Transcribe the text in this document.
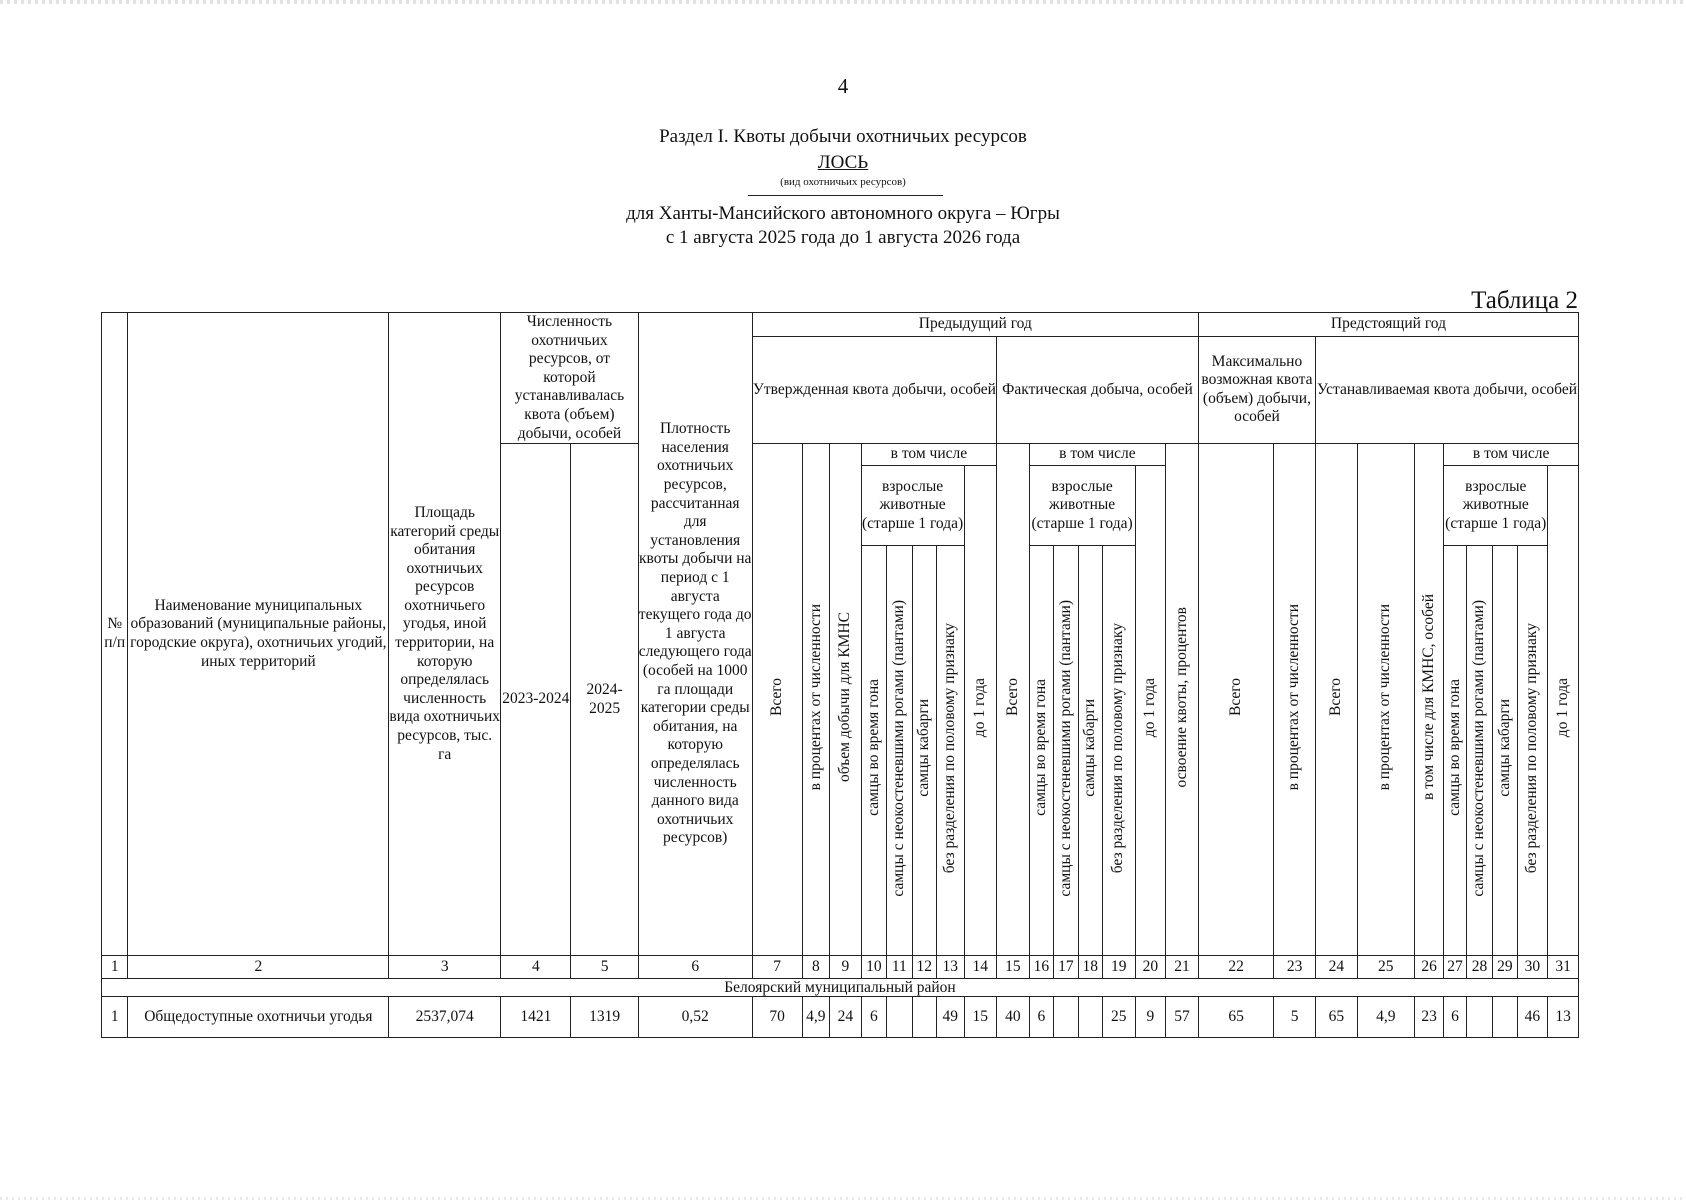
4
Раздел I. Квоты добычи охотничьих ресурсов
ЛОСЬ
(вид охотничьих ресурсов)
для Ханты-Мансийского автономного округа – Югры
с 1 августа 2025 года до 1 августа 2026 года
Таблица 2
№ п/п	Наименование муниципальных образований (муниципальные районы, городские округа), охотничьих угодий, иных территорий	Площадь категорий среды обитания охотничьих ресурсов охотничьего угодья, иной территории, на которую определялась численность вида охотничьих ресурсов, тыс. га	Численность охотничьих ресурсов, от которой устанавливалась квота (объем) добычи, особей		Плотность населения охотничьих ресурсов, рассчитанная для установления квоты добычи на период с 1 августа текущего года до 1 августа следующего года (особей на 1000 га площади категории среды обитания, на которую определялась численность данного вида охотничьих ресурсов)	Предыдущий год															Предстоящий год									
						Утвержденная квота добычи, особей								Фактическая добыча, особей							Максимально возможная квота (объем) добычи, особей		Устанавливаемая квота добычи, особей							
			2023-2024	2024-2025		Всего	в процентах от численности	объем добычи для КМНС	в том числе					Всего	в том числе					освоение квоты, процентов	Всего	в процентах от численности	Всего	в процентах от численности	в том числе для КМНС, особей	в том числе				
									взрослые животные (старше 1 года)				до 1 года		взрослые животные (старше 1 года)				до 1 года							взрослые животные (старше 1 года)				до 1 года
									самцы во время гона	самцы с неокостеневшими рогами (пантами)	самцы кабарги	без разделения по половому признаку			самцы во время гона	самцы с неокостеневшими рогами (пантами)	самцы кабарги	без разделения по половому признаку								самцы во время гона	самцы с неокостеневшими рогами (пантами)	самцы кабарги	без разделения по половому признаку	
1	2	3	4	5	6	7	8	9	10	11	12	13	14	15	16	17	18	19	20	21	22	23	24	25	26	27	28	29	30	31
Белоярский муниципальный район																														
1	Общедоступные охотничьи угодья	2537,074	1421	1319	0,52	70	4,9	24	6			49	15	40	6			25	9	57	65	5	65	4,9	23	6			46	13
